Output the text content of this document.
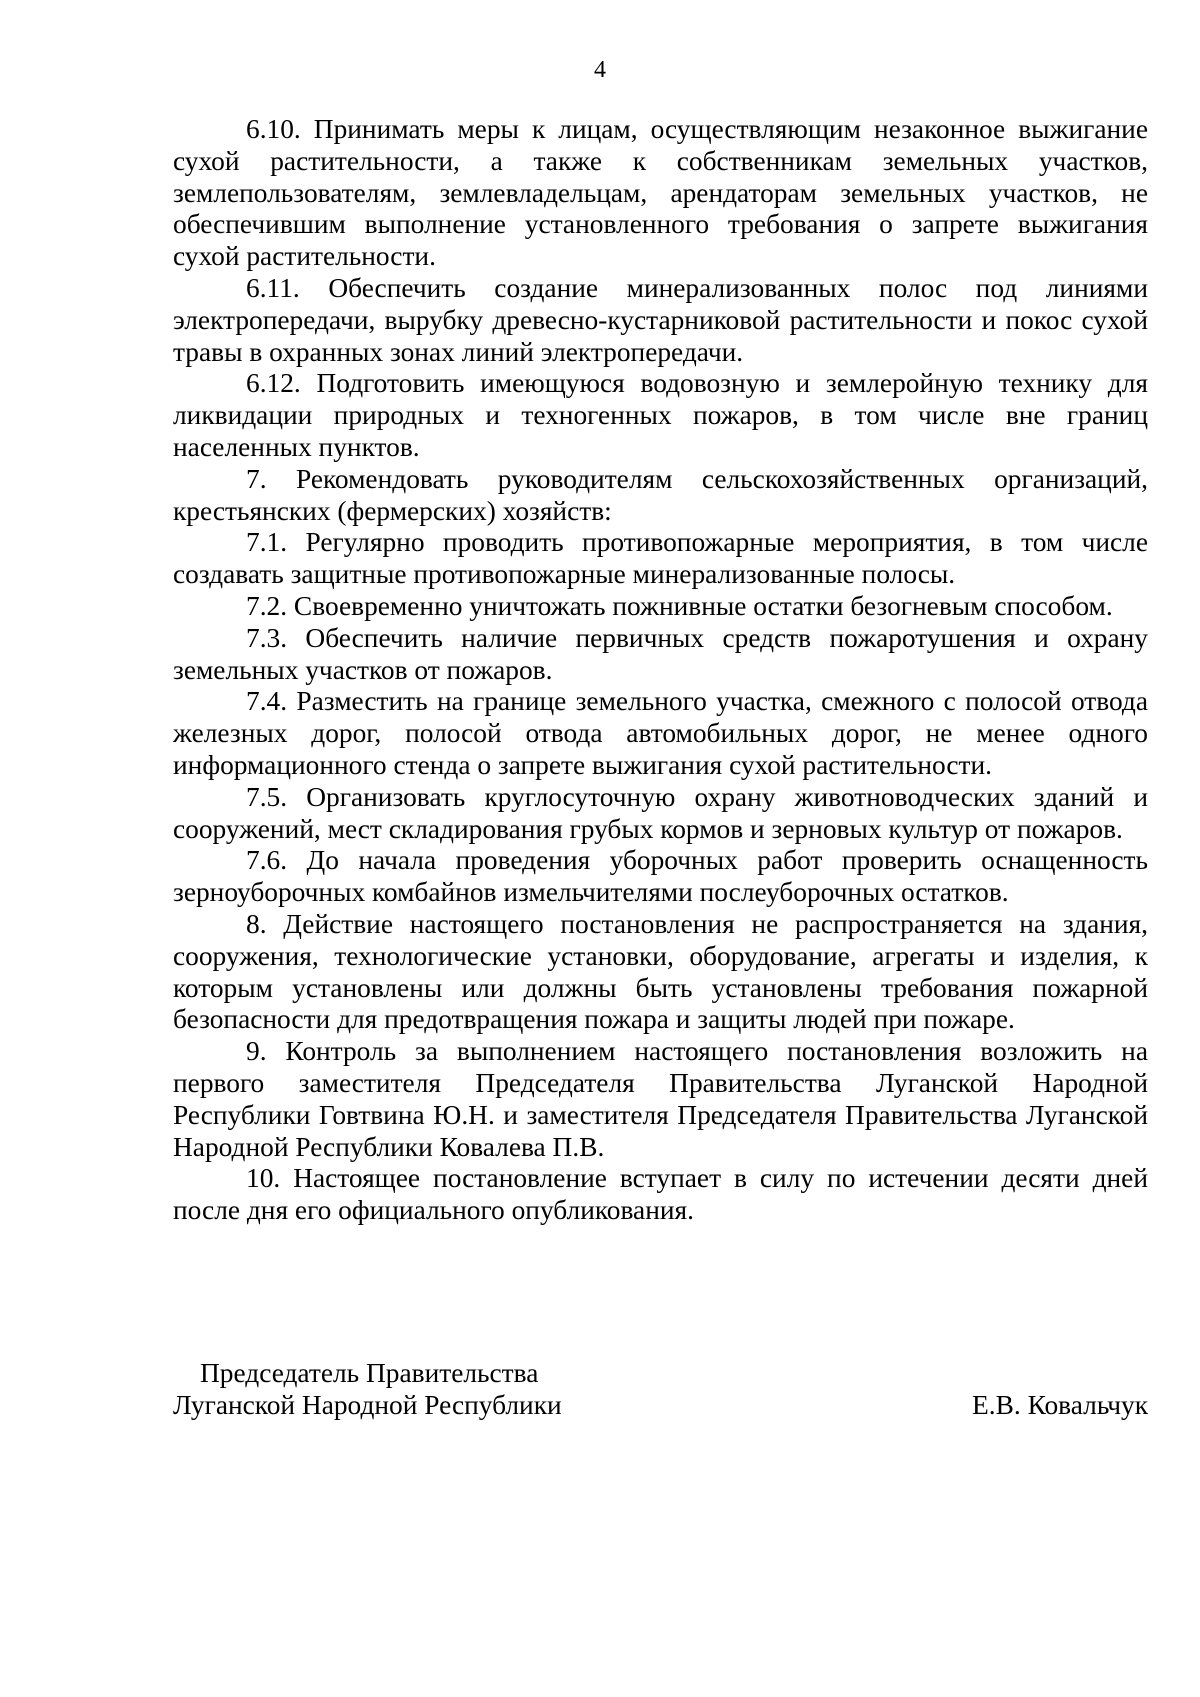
4

6.10. Принимать меры к лицам, осуществляющим незаконное выжигание сухой растительности, а также к собственникам земельных участков, землепользователям, землевладельцам, арендаторам земельных участков, не обеспечившим выполнение установленного требования о запрете выжигания сухой растительности.

6.11. Обеспечить создание минерализованных полос под линиями электропередачи, вырубку древесно-кустарниковой растительности и покос сухой травы в охранных зонах линий электропередачи.

6.12. Подготовить имеющуюся водовозную и землеройную технику для ликвидации природных и техногенных пожаров, в том числе вне границ населенных пунктов.

7. Рекомендовать руководителям сельскохозяйственных организаций, крестьянских (фермерских) хозяйств:

7.1. Регулярно проводить противопожарные мероприятия, в том числе создавать защитные противопожарные минерализованные полосы.

7.2. Своевременно уничтожать пожнивные остатки безогневым способом.

7.3. Обеспечить наличие первичных средств пожаротушения и охрану земельных участков от пожаров.

7.4. Разместить на границе земельного участка, смежного с полосой отвода железных дорог, полосой отвода автомобильных дорог, не менее одного информационного стенда о запрете выжигания сухой растительности.

7.5. Организовать круглосуточную охрану животноводческих зданий и сооружений, мест складирования грубых кормов и зерновых культур от пожаров.

7.6. До начала проведения уборочных работ проверить оснащенность зерноуборочных комбайнов измельчителями послеуборочных остатков.

8. Действие настоящего постановления не распространяется на здания, сооружения, технологические установки, оборудование, агрегаты и изделия, к которым установлены или должны быть установлены требования пожарной безопасности для предотвращения пожара и защиты людей при пожаре.

9. Контроль за выполнением настоящего постановления возложить на первого заместителя Председателя Правительства Луганской Народной Республики Говтвина Ю.Н. и заместителя Председателя Правительства Луганской Народной Республики Ковалева П.В.

10. Настоящее постановление вступает в силу по истечении десяти дней после дня его официального опубликования.

Председатель Правительства
Луганской Народной Республики	Е.В. Ковальчук
